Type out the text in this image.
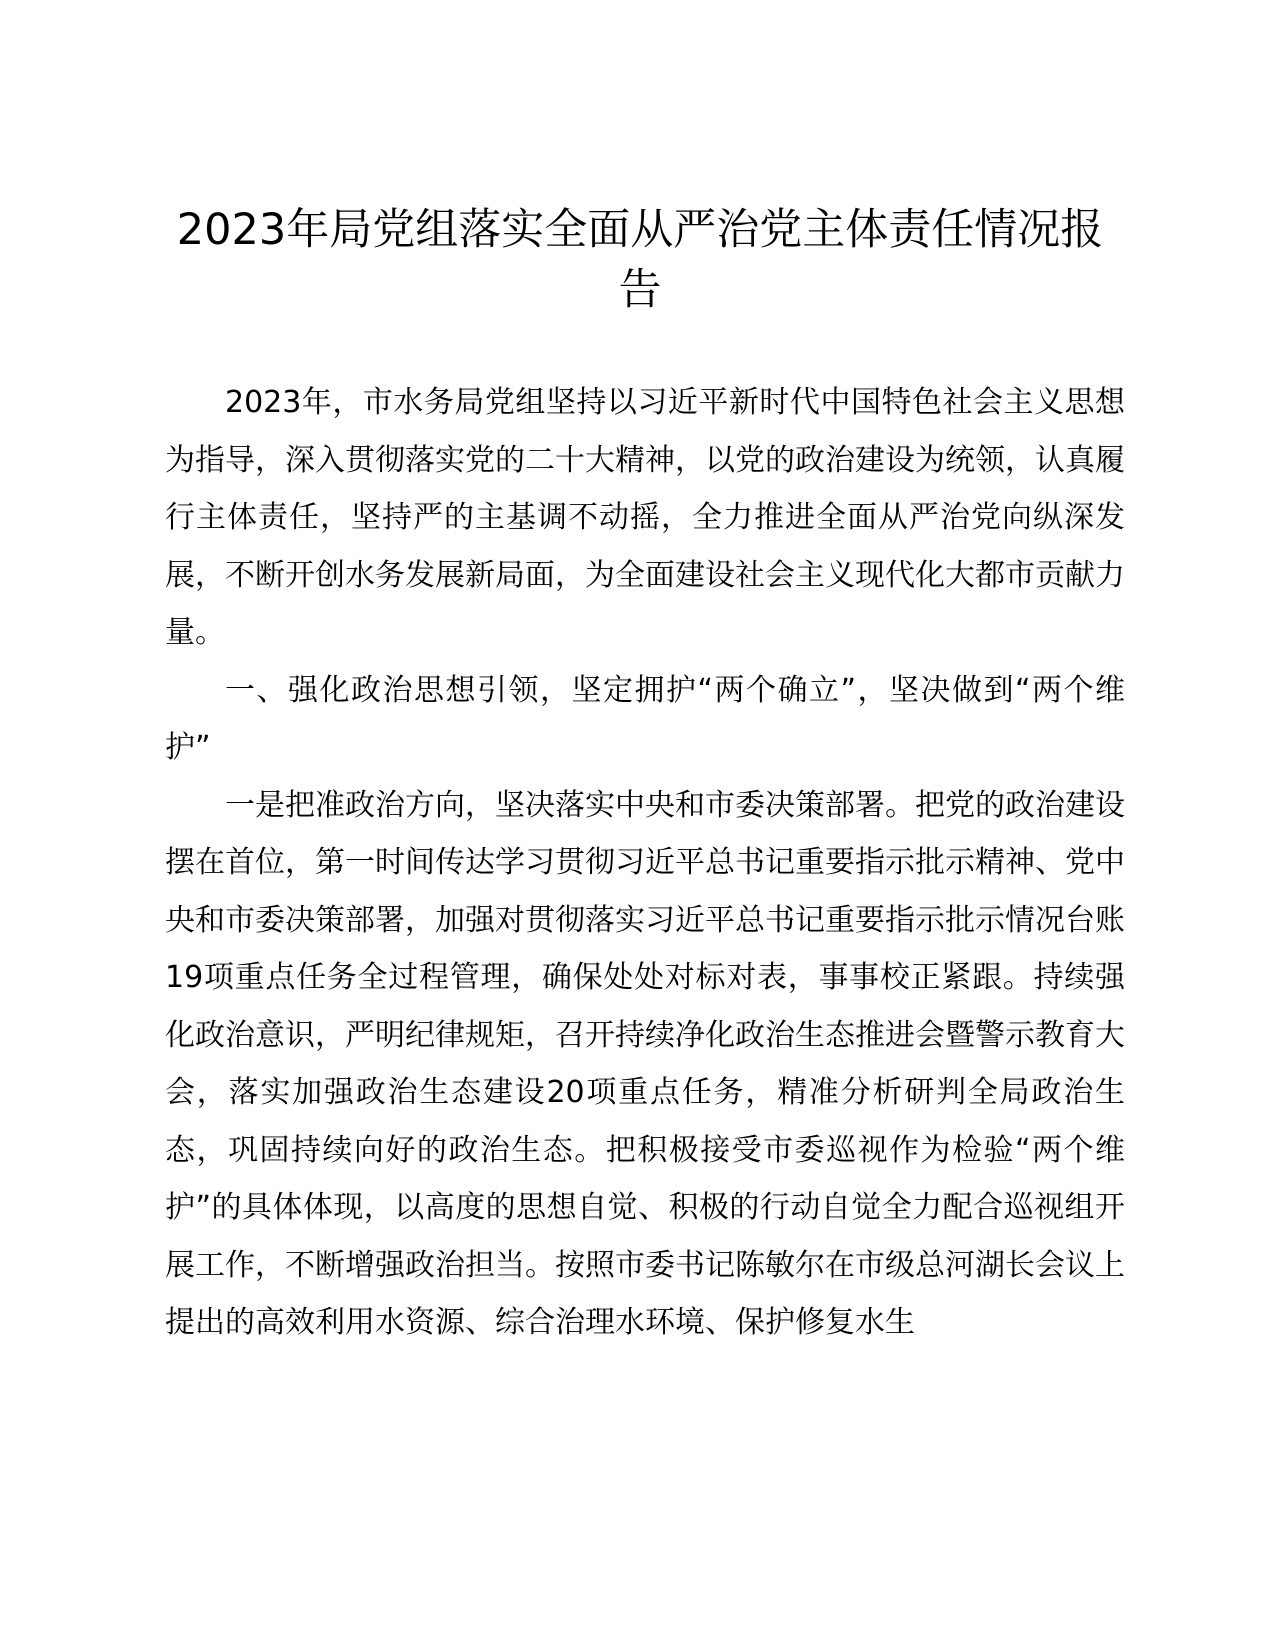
2023年局党组落实全面从严治党主体责任情况报告

2023年，市水务局党组坚持以习近平新时代中国特色社会主义思想为指导，深入贯彻落实党的二十大精神，以党的政治建设为统领，认真履行主体责任，坚持严的主基调不动摇，全力推进全面从严治党向纵深发展，不断开创水务发展新局面，为全面建设社会主义现代化大都市贡献力量。

一、强化政治思想引领，坚定拥护“两个确立”，坚决做到“两个维护”

一是把准政治方向，坚决落实中央和市委决策部署。把党的政治建设摆在首位，第一时间传达学习贯彻习近平总书记重要指示批示精神、党中央和市委决策部署，加强对贯彻落实习近平总书记重要指示批示情况台账19项重点任务全过程管理，确保处处对标对表，事事校正紧跟。持续强化政治意识，严明纪律规矩，召开持续净化政治生态推进会暨警示教育大会，落实加强政治生态建设20项重点任务，精准分析研判全局政治生态，巩固持续向好的政治生态。把积极接受市委巡视作为检验“两个维护”的具体体现，以高度的思想自觉、积极的行动自觉全力配合巡视组开展工作，不断增强政治担当。按照市委书记陈敏尔在市级总河湖长会议上提出的高效利用水资源、综合治理水环境、保护修复水生
